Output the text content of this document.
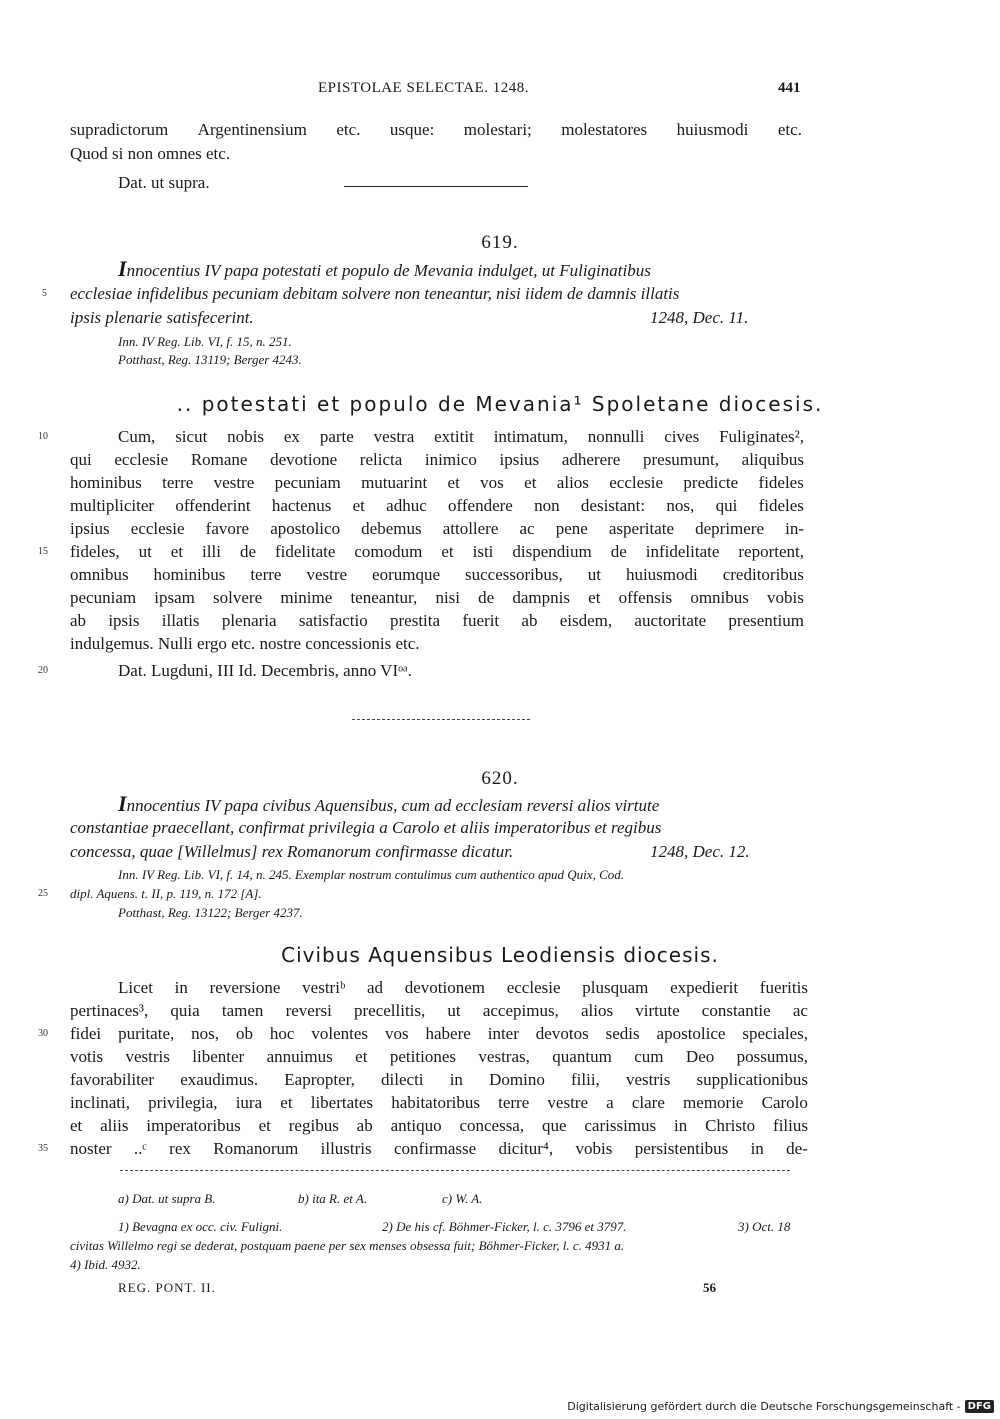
EPISTOLAE SELECTAE. 1248.	441
supradictorum Argentinensium etc. usque: molestari; molestatores huiusmodi etc.
Quod si non omnes etc.
Dat. ut supra.
619.
Innocentius IV papa potestati et populo de Mevania indulget, ut Fuliginatibus
5 ecclesiae infidelibus pecuniam debitam solvere non teneantur, nisi iidem de damnis illatis
ipsis plenarie satisfecerint.	1248, Dec. 11.
Inn. IV Reg. Lib. VI, f. 15, n. 251.
Potthast, Reg. 13119; Berger 4243.
.. potestati et populo de Mevania¹ Spoletane diocesis.
10	Cum, sicut nobis ex parte vestra extitit intimatum, nonnulli cives Fuliginates²,
qui ecclesie Romane devotione relicta inimico ipsius adherere presumunt, aliquibus
hominibus terre vestre pecuniam mutuarint et vos et alios ecclesie predicte fideles
multipliciter offenderint hactenus et adhuc offendere non desistant: nos, qui fideles
ipsius ecclesie favore apostolico debemus attollere ac pene asperitate deprimere in-
15 fideles, ut et illi de fidelitate comodum et isti dispendium de infidelitate reportent,
omnibus hominibus terre vestre eorumque successoribus, ut huiusmodi creditoribus
pecuniam ipsam solvere minime teneantur, nisi de dampnis et offensis omnibus vobis
ab ipsis illatis plenaria satisfactio prestita fuerit ab eisdem, auctoritate presentium
indulgemus. Nulli ergo etc. nostre concessionis etc.
20	Dat. Lugduni, III Id. Decembris, anno VIᵒᵃ.
620.
Innocentius IV papa civibus Aquensibus, cum ad ecclesiam reversi alios virtute
constantiae praecellant, confirmat privilegia a Carolo et aliis imperatoribus et regibus
concessa, quae [Willelmus] rex Romanorum confirmasse dicatur.	1248, Dec. 12.
Inn. IV Reg. Lib. VI, f. 14, n. 245. Exemplar nostrum contulimus cum authentico apud Quix, Cod.
25 dipl. Aquens. t. II, p. 119, n. 172 [A].
Potthast, Reg. 13122; Berger 4237.
Civibus Aquensibus Leodiensis diocesis.
Licet in reversione vestriᵇ ad devotionem ecclesie plusquam expedierit fueritis
pertinaces³, quia tamen reversi precellitis, ut accepimus, alios virtute constantie ac
30 fidei puritate, nos, ob hoc volentes vos habere inter devotos sedis apostolice speciales,
votis vestris libenter annuimus et petitiones vestras, quantum cum Deo possumus,
favorabiliter exaudimus. Eapropter, dilecti in Domino filii, vestris supplicationibus
inclinati, privilegia, iura et libertates habitatoribus terre vestre a clare memorie Carolo
et aliis imperatoribus et regibus ab antiquo concessa, que carissimus in Christo filius
35 noster ..ᶜ rex Romanorum illustris confirmasse dicitur⁴, vobis persistentibus in de-
a) Dat. ut supra B.	b) ita R. et A.	c) W. A.
1) Bevagna ex occ. civ. Fuligni.	2) De his cf. Böhmer-Ficker, l. c. 3796 et 3797.	3) Oct. 18
civitas Willelmo regi se dederat, postquam paene per sex menses obsessa fuit; Böhmer-Ficker, l. c. 4931 a.
4) Ibid. 4932.
REG. PONT. II.	56
Digitalisierung gefördert durch die Deutsche Forschungsgemeinschaft - DFG
